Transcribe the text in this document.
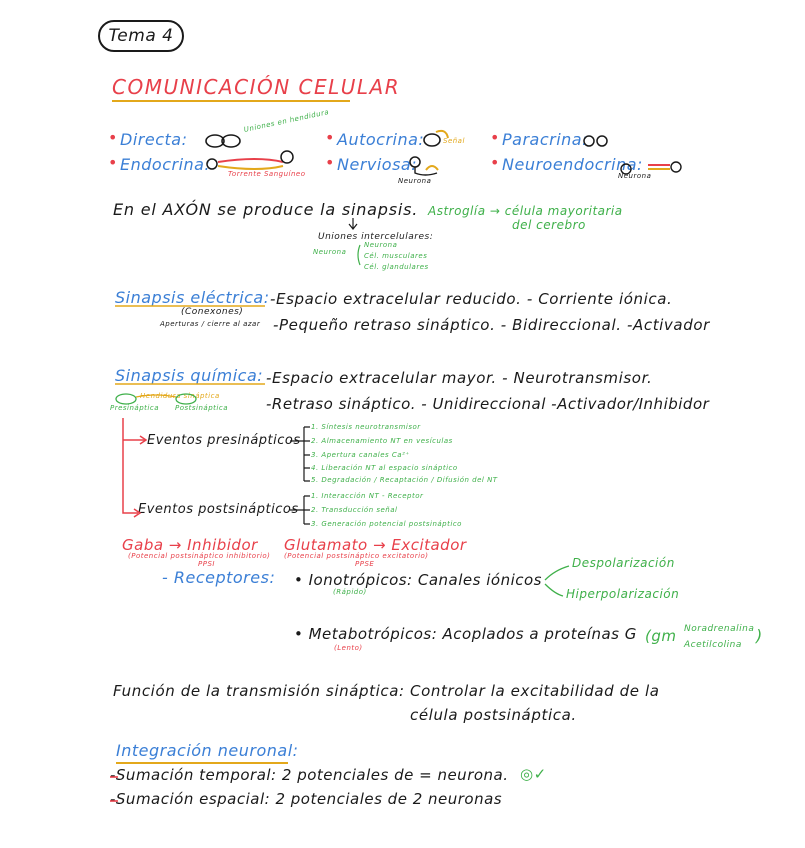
Tema 4
COMUNICACIÓN CELULAR
• Directa:
Uniones en hendidura
• Autocrina:	Señal • Paracrina:
• Endocrina:	Torrente Sanguíneo
• Nerviosa:
Neurona
• Neuroendocrina:
Neurona
En el AXÓN se produce la sinapsis. Astroglía → célula mayoritaria
del cerebro
Uniones intercelulares:
Neurona
Neurona
Cél. musculares
Cél. glandulares
Sinapsis eléctrica:
(Conexones)
Aperturas / cierre al azar
-Espacio extracelular reducido. - Corriente iónica.
-Pequeño retraso sináptico. - Bidireccional. -Activador
Sinapsis química: -Espacio extracelular mayor. - Neurotransmisor.
-Retraso sináptico. - Unidireccional -Activador/Inhibidor
Presináptica Postsináptica
Hendidura sináptica
Eventos presinápticos
1. Síntesis neurotransmisor
2. Almacenamiento NT en vesículas
3. Apertura canales Ca²⁺
4. Liberación NT al espacio sináptico
5. Degradación / Recaptación / Difusión del NT
Eventos postsinápticos
1. Interacción NT - Receptor
2. Transducción señal
3. Generación potencial postsináptico
Gaba → Inhibidor
(Potencial postsináptico inhibitorio)
PPSI
Glutamato → Excitador
(Potencial postsináptico excitatorio)
PPSE
- Receptores: • Ionotrópicos: Canales iónicos
(Rápido)
Despolarización
Hiperpolarización
• Metabotrópicos: Acoplados a proteínas G
(Lento)
(gm Noradrenalina
Acetilcolina )
Función de la transmisión sináptica: Controlar la excitabilidad de la
célula postsináptica.
Integración neuronal:
-Sumación temporal: 2 potenciales de = neurona. ◎✓
-Sumación espacial: 2 potenciales de 2 neuronas
